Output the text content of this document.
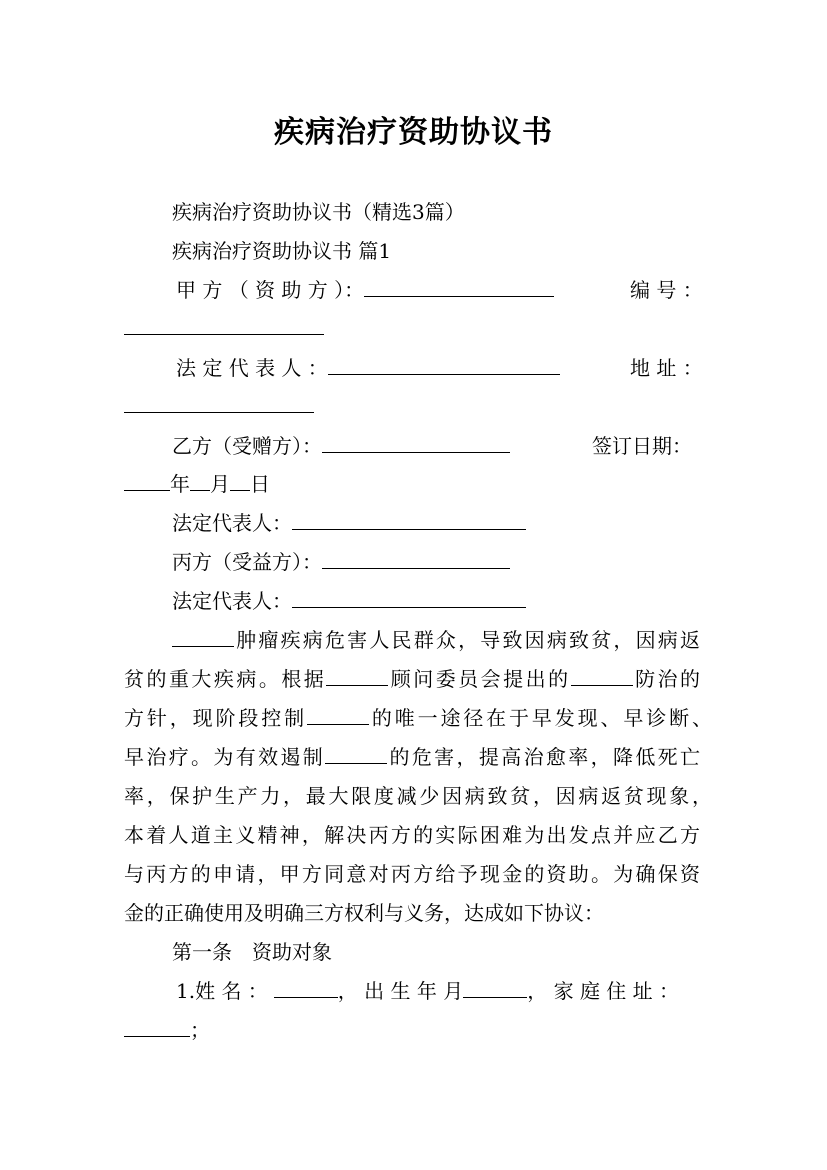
疾病治疗资助协议书
疾病治疗资助协议书（精选3篇）
疾病治疗资助协议书 篇1
甲 方 （ 资 助 方 ）：	编 号 ：
法 定 代 表 人 ：	地 址 ：
乙方（受赠方）：	签订日期：
年 月 日
法定代表人：
丙方（受益方）：
法定代表人：
肿瘤疾病危害人民群众，导致因病致贫，因病返
贫的重大疾病。根据	顾问委员会提出的	防治的
方针，现阶段控制	的唯一途径在于早发现、早诊断、
早治疗。为有效遏制	的危害，提高治愈率，降低死亡
率，保护生产力，最大限度减少因病致贫，因病返贫现象，
本着人道主义精神，解决丙方的实际困难为出发点并应乙方
与丙方的申请，甲方同意对丙方给予现金的资助。为确保资
金的正确使用及明确三方权利与义务，达成如下协议：
第一条　资助对象
1.姓 名 ：	， 出 生 年 月	， 家 庭 住 址 ：
；
